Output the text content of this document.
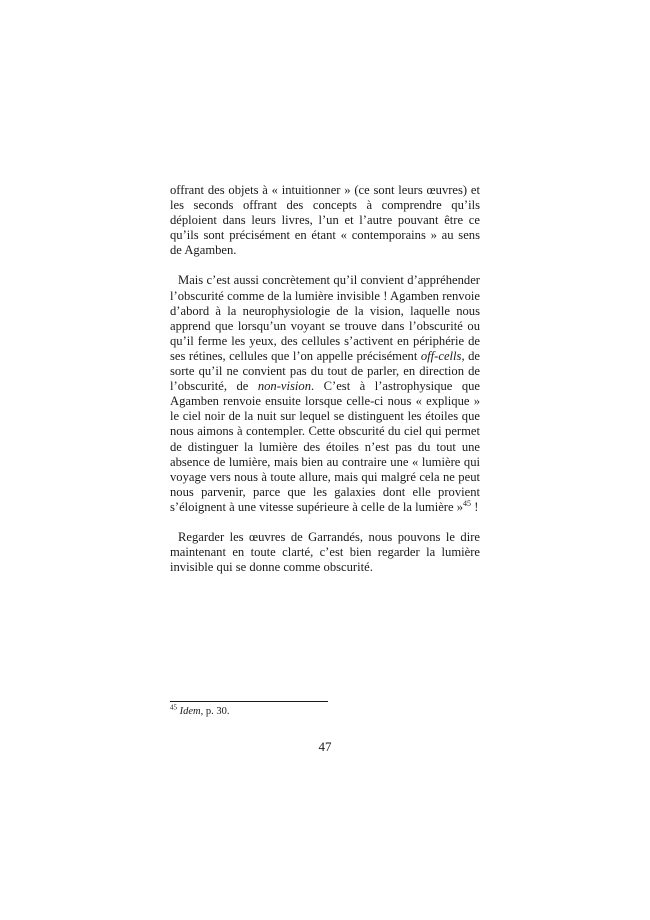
offrant des objets à « intuitionner » (ce sont leurs œuvres) et les seconds offrant des concepts à comprendre qu’ils déploient dans leurs livres, l’un et l’autre pouvant être ce qu’ils sont précisément en étant « contemporains » au sens de Agamben.

Mais c’est aussi concrètement qu’il convient d’appréhender l’obscurité comme de la lumière invisible ! Agamben renvoie d’abord à la neurophysiologie de la vision, laquelle nous apprend que lorsqu’un voyant se trouve dans l’obscurité ou qu’il ferme les yeux, des cellules s’activent en périphérie de ses rétines, cellules que l’on appelle précisément off-cells, de sorte qu’il ne convient pas du tout de parler, en direction de l’obscurité, de non-vision. C’est à l’astrophysique que Agamben renvoie ensuite lorsque celle-ci nous « explique » le ciel noir de la nuit sur lequel se distinguent les étoiles que nous aimons à contempler. Cette obscurité du ciel qui permet de distinguer la lumière des étoiles n’est pas du tout une absence de lumière, mais bien au contraire une « lumière qui voyage vers nous à toute allure, mais qui malgré cela ne peut nous parvenir, parce que les galaxies dont elle provient s’éloignent à une vitesse supérieure à celle de la lumière »$^{45}$ !

Regarder les œuvres de Garrandés, nous pouvons le dire maintenant en toute clarté, c’est bien regarder la lumière invisible qui se donne comme obscurité.

$^{45}$ Idem, p. 30.
47
